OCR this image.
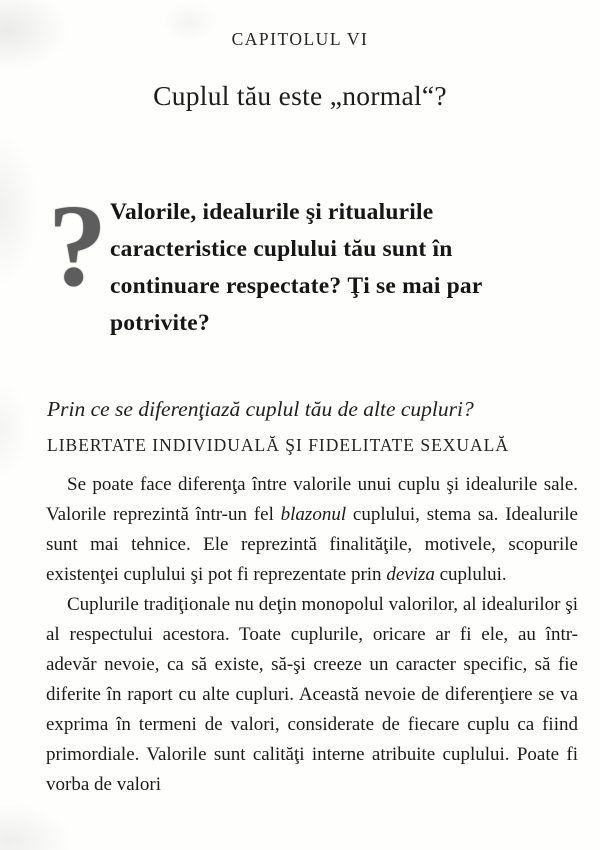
CAPITOLUL VI
Cuplul tău este „normal“?
? Valorile, idealurile şi ritualurile caracteristice cuplului tău sunt în continuare respectate? Ţi se mai par potrivite?
Prin ce se diferenţiază cuplul tău de alte cupluri?
LIBERTATE INDIVIDUALĂ ŞI FIDELITATE SEXUALĂ

Se poate face diferenţa între valorile unui cuplu şi idealurile sale. Valorile reprezintă într-un fel blazonul cuplului, stema sa. Idealurile sunt mai tehnice. Ele reprezintă finalităţile, motivele, scopurile existenţei cuplului şi pot fi reprezentate prin deviza cuplului.

Cuplurile tradiţionale nu deţin monopolul valorilor, al idealurilor şi al respectului acestora. Toate cuplurile, oricare ar fi ele, au într-adevăr nevoie, ca să existe, să-şi creeze un caracter specific, să fie diferite în raport cu alte cupluri. Această nevoie de diferenţiere se va exprima în termeni de valori, considerate de fiecare cuplu ca fiind primordiale. Valorile sunt calităţi interne atribuite cuplului. Poate fi vorba de valori
